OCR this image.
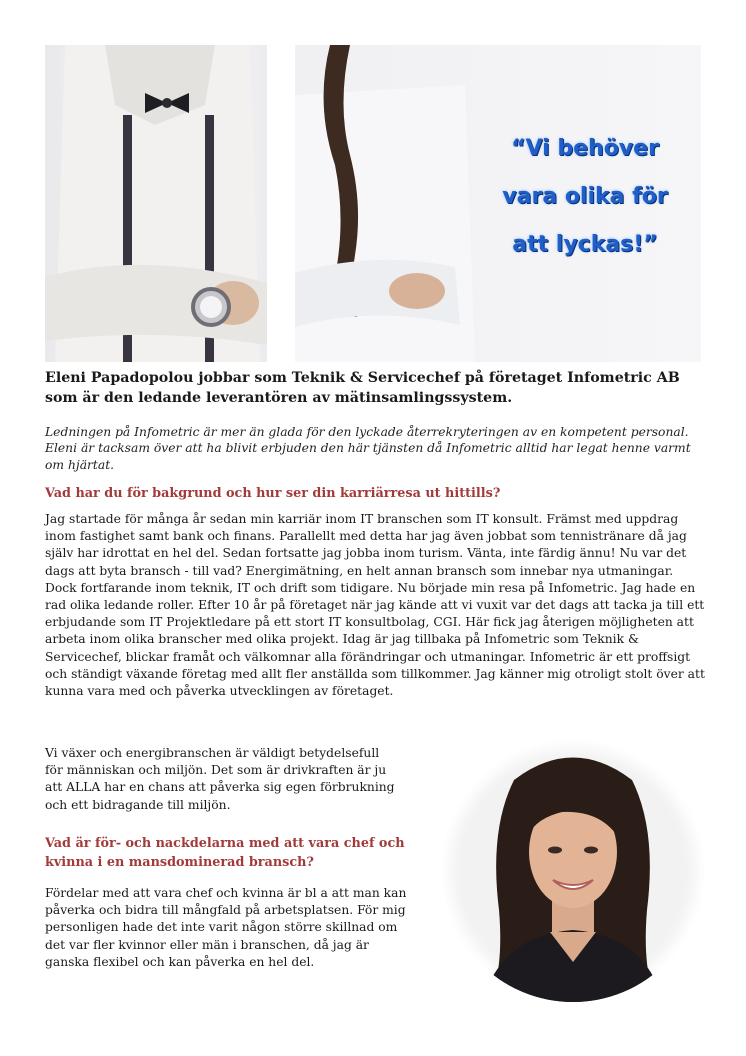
“Vi behöver
vara olika för
att lyckas!”

Eleni Papadopolou jobbar som Teknik & Servicechef på företaget Infometric AB som är den ledande leverantören av mätinsamlingssystem.

Ledningen på Infometric är mer än glada för den lyckade återrekryteringen av en kompetent personal. Eleni är tacksam över att ha blivit erbjuden den här tjänsten då Infometric alltid har legat henne varmt om hjärtat.

Vad har du för bakgrund och hur ser din karriärresa ut hittills?

Jag startade för många år sedan min karriär inom IT branschen som IT konsult. Främst med uppdrag inom fastighet samt bank och finans. Parallellt med detta har jag även jobbat som tennistränare då jag själv har idrottat en hel del. Sedan fortsatte jag jobba inom turism. Vänta, inte färdig ännu! Nu var det dags att byta bransch - till vad? Energimätning, en helt annan bransch som innebar nya utmaningar. Dock fortfarande inom teknik, IT och drift som tidigare. Nu började min resa på Infometric. Jag hade en rad olika ledande roller. Efter 10 år på företaget när jag kände att vi vuxit var det dags att tacka ja till ett erbjudande som IT Projektledare på ett stort IT konsultbolag, CGI. Här fick jag återigen möjligheten att arbeta inom olika branscher med olika projekt. Idag är jag tillbaka på Infometric som Teknik & Servicechef, blickar framåt och välkomnar alla förändringar och utmaningar. Infometric är ett proffsigt och ständigt växande företag med allt fler anställda som tillkommer. Jag känner mig otroligt stolt över att kunna vara med och påverka utvecklingen av företaget.

Vi växer och energibranschen är väldigt betydelsefull för människan och miljön. Det som är drivkraften är ju att ALLA har en chans att påverka sig egen förbrukning och ett bidragande till miljön.

Vad är för- och nackdelarna med att vara chef och kvinna i en mansdominerad bransch?

Fördelar med att vara chef och kvinna är bl a att man kan påverka och bidra till mångfald på arbetsplatsen. För mig personligen hade det inte varit någon större skillnad om det var fler kvinnor eller män i branschen, då jag är ganska flexibel och kan påverka en hel del.
